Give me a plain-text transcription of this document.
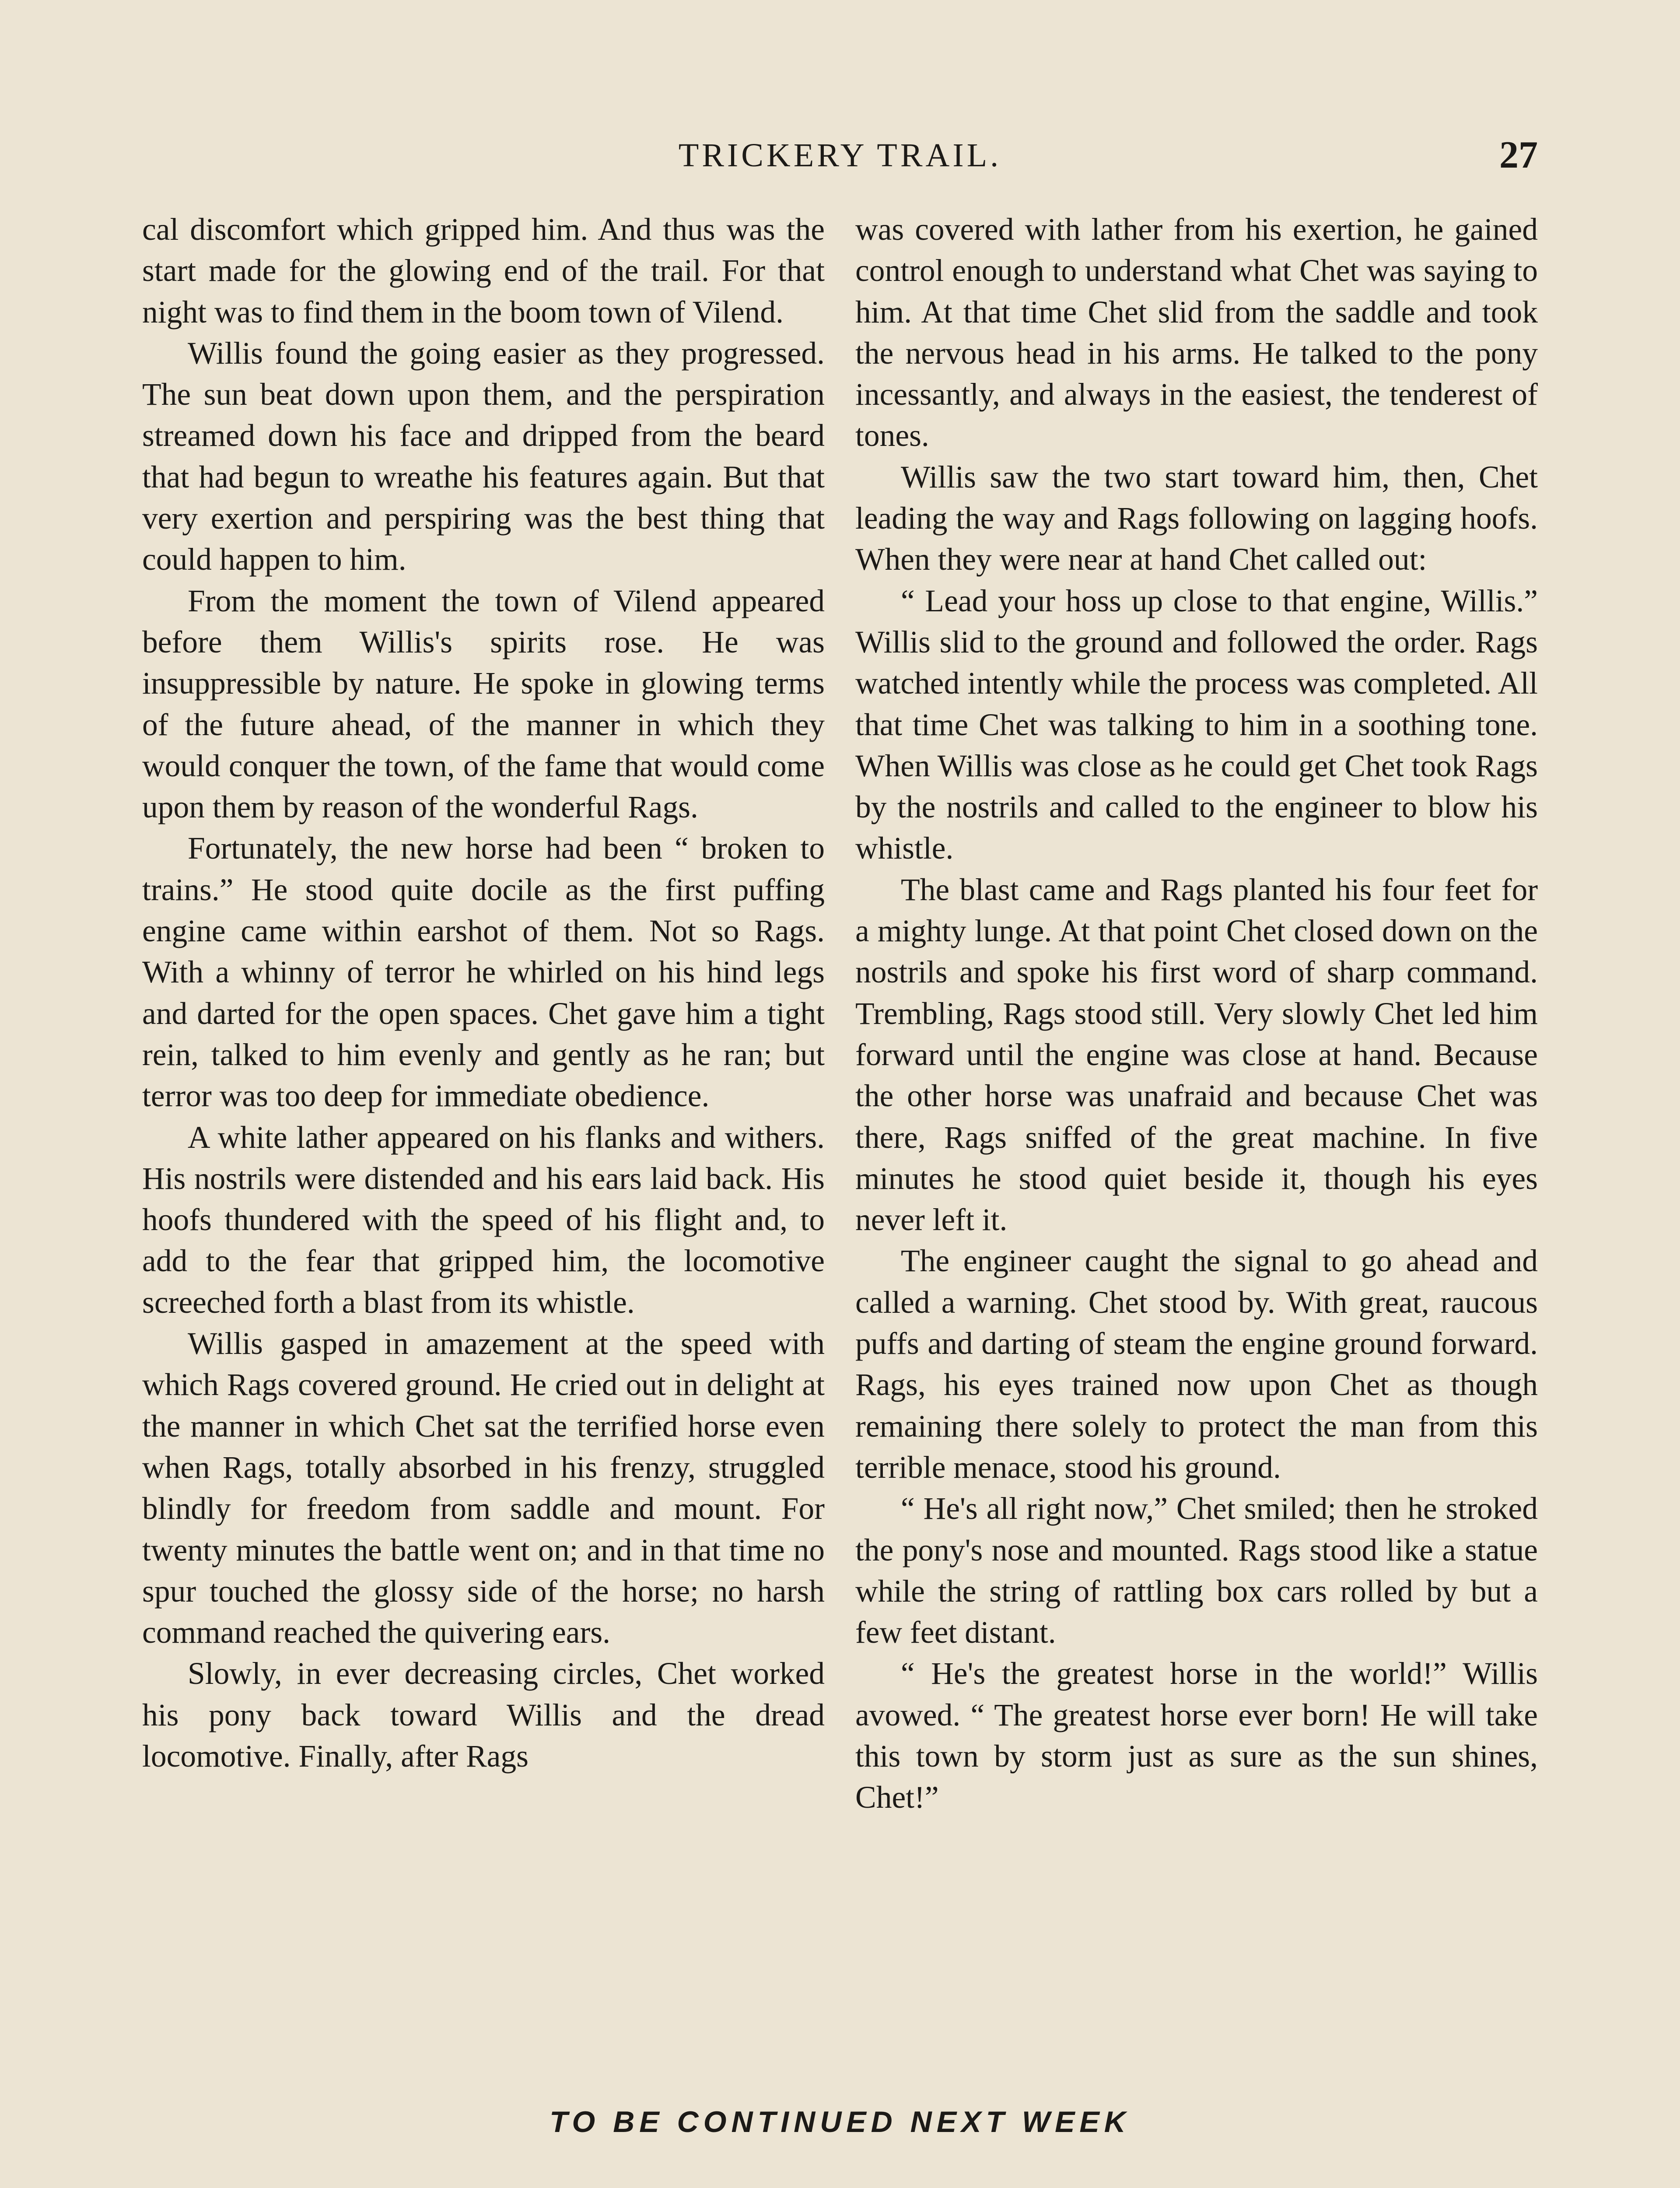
TRICKERY TRAIL.	27

cal discomfort which gripped him. And thus was the start made for the glowing end of the trail. For that night was to find them in the boom town of Vilend.

Willis found the going easier as they progressed. The sun beat down upon them, and the perspiration streamed down his face and dripped from the beard that had begun to wreathe his features again. But that very exertion and perspiring was the best thing that could happen to him.

From the moment the town of Vilend appeared before them Willis's spirits rose. He was insuppressible by nature. He spoke in glowing terms of the future ahead, of the manner in which they would conquer the town, of the fame that would come upon them by reason of the wonderful Rags.

Fortunately, the new horse had been “ broken to trains.” He stood quite docile as the first puffing engine came within earshot of them. Not so Rags. With a whinny of terror he whirled on his hind legs and darted for the open spaces. Chet gave him a tight rein, talked to him evenly and gently as he ran; but terror was too deep for immediate obedience.

A white lather appeared on his flanks and withers. His nostrils were distended and his ears laid back. His hoofs thundered with the speed of his flight and, to add to the fear that gripped him, the locomotive screeched forth a blast from its whistle.

Willis gasped in amazement at the speed with which Rags covered ground. He cried out in delight at the manner in which Chet sat the terrified horse even when Rags, totally absorbed in his frenzy, struggled blindly for freedom from saddle and mount. For twenty minutes the battle went on; and in that time no spur touched the glossy side of the horse; no harsh command reached the quivering ears.

Slowly, in ever decreasing circles, Chet worked his pony back toward Willis and the dread locomotive. Finally, after Rags

was covered with lather from his exertion, he gained control enough to understand what Chet was saying to him. At that time Chet slid from the saddle and took the nervous head in his arms. He talked to the pony incessantly, and always in the easiest, the tenderest of tones.

Willis saw the two start toward him, then, Chet leading the way and Rags following on lagging hoofs. When they were near at hand Chet called out:

“ Lead your hoss up close to that engine, Willis.” Willis slid to the ground and followed the order. Rags watched intently while the process was completed. All that time Chet was talking to him in a soothing tone. When Willis was close as he could get Chet took Rags by the nostrils and called to the engineer to blow his whistle.

The blast came and Rags planted his four feet for a mighty lunge. At that point Chet closed down on the nostrils and spoke his first word of sharp command. Trembling, Rags stood still. Very slowly Chet led him forward until the engine was close at hand. Because the other horse was unafraid and because Chet was there, Rags sniffed of the great machine. In five minutes he stood quiet beside it, though his eyes never left it.

The engineer caught the signal to go ahead and called a warning. Chet stood by. With great, raucous puffs and darting of steam the engine ground forward. Rags, his eyes trained now upon Chet as though remaining there solely to protect the man from this terrible menace, stood his ground.

“ He's all right now,” Chet smiled; then he stroked the pony's nose and mounted. Rags stood like a statue while the string of rattling box cars rolled by but a few feet distant.

“ He's the greatest horse in the world!” Willis avowed. “ The greatest horse ever born! He will take this town by storm just as sure as the sun shines, Chet!”

TO BE CONTINUED NEXT WEEK
